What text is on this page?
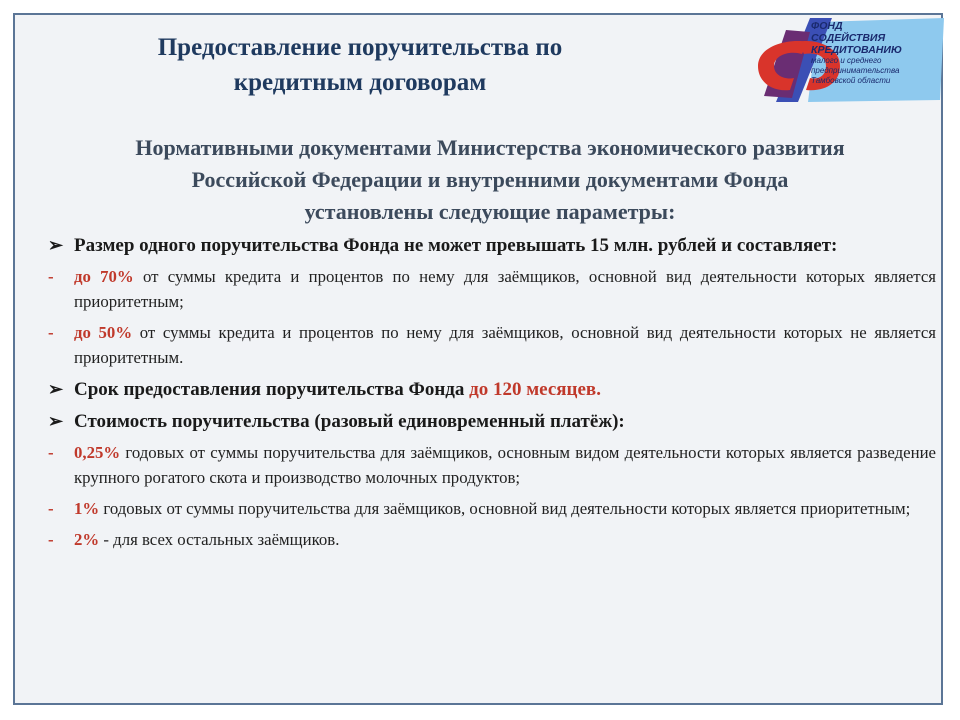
Предоставление поручительства по
кредитным договорам
ФОНД
СОДЕЙСТВИЯ
КРЕДИТОВАНИЮ
малого и среднего
предпринимательства
Тамбовской области
Нормативными документами Министерства экономического развития
Российской Федерации и внутренними документами Фонда
установлены следующие параметры:
➢ Размер одного поручительства Фонда не может превышать 15 млн. рублей и составляет:
- до 70% от суммы кредита и процентов по нему для заёмщиков, основной вид деятельности которых является приоритетным;
- до 50% от суммы кредита и процентов по нему для заёмщиков, основной вид деятельности которых не является приоритетным.
➢ Срок предоставления поручительства Фонда до 120 месяцев.
➢ Стоимость поручительства (разовый единовременный платёж):
- 0,25% годовых от суммы поручительства для заёмщиков, основным видом деятельности которых является разведение крупного рогатого скота и производство молочных продуктов;
- 1% годовых от суммы поручительства для заёмщиков, основной вид деятельности которых является приоритетным;
- 2% - для всех остальных заёмщиков.
